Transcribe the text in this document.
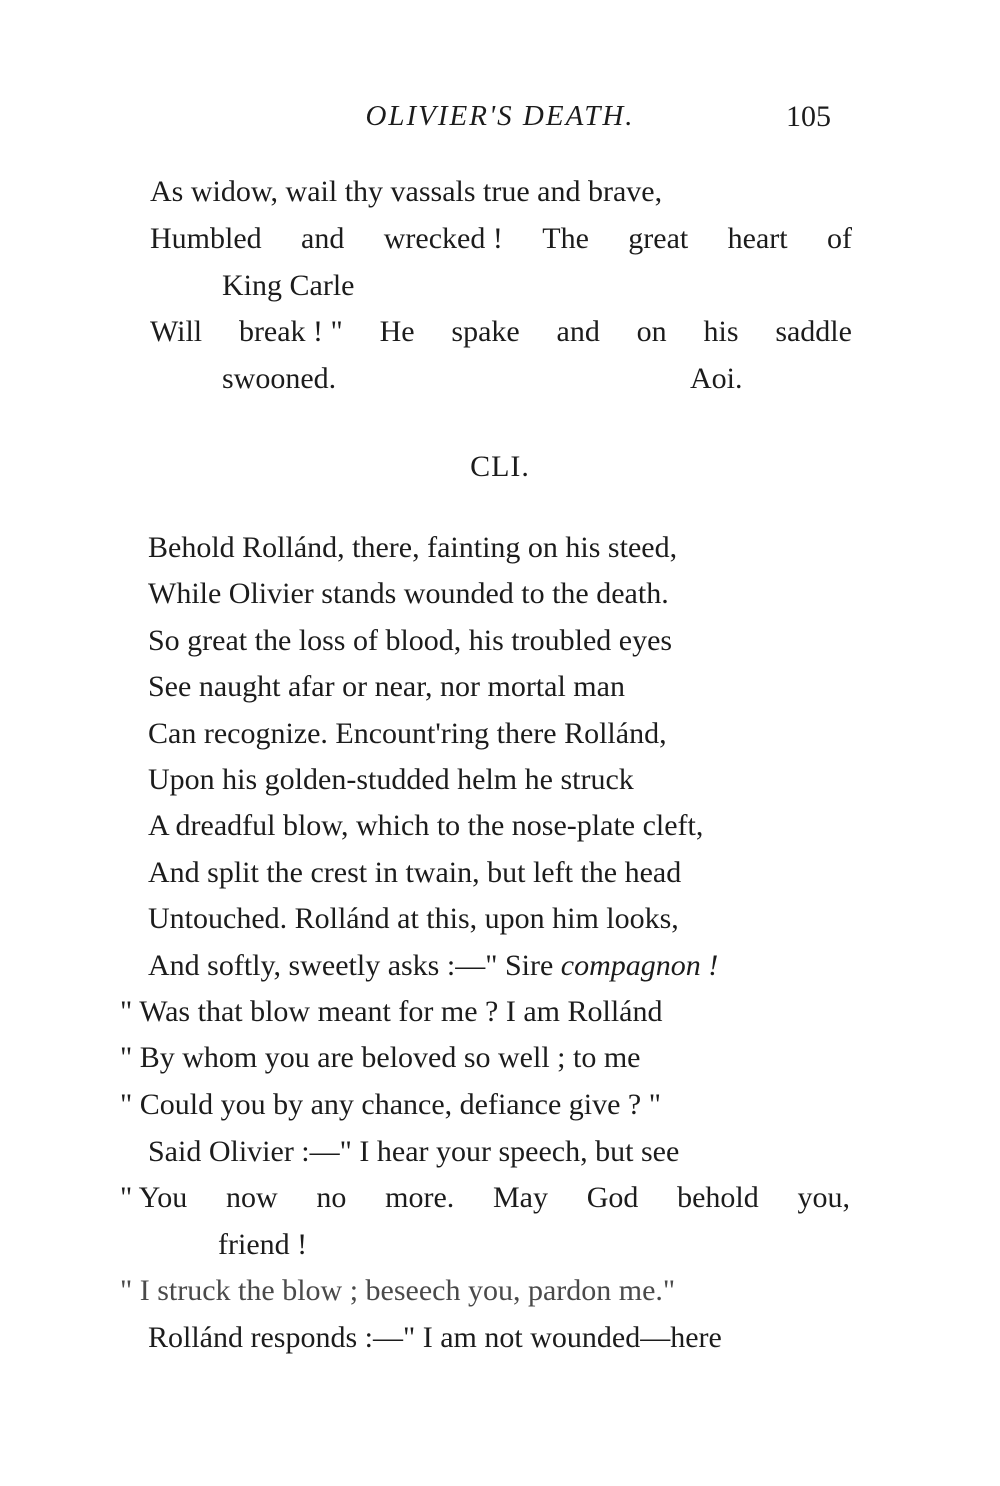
OLIVIER'S DEATH.	105
As widow, wail thy vassals true and brave,
Humbled and wrecked ! The great heart of
King Carle
Will break ! " He spake and on his saddle
swooned.	Aoi.
CLI.
Behold Rollánd, there, fainting on his steed,
While Olivier stands wounded to the death.
So great the loss of blood, his troubled eyes
See naught afar or near, nor mortal man
Can recognize. Encount'ring there Rollánd,
Upon his golden-studded helm he struck
A dreadful blow, which to the nose-plate cleft,
And split the crest in twain, but left the head
Untouched. Rollánd at this, upon him looks,
And softly, sweetly asks :—" Sire compagnon !
" Was that blow meant for me ? I am Rollánd
" By whom you are beloved so well ; to me
" Could you by any chance, defiance give ? "
Said Olivier :—" I hear your speech, but see
" You now no more. May God behold you,
friend !
" I struck the blow ; beseech you, pardon me."
Rollánd responds :—" I am not wounded—here
